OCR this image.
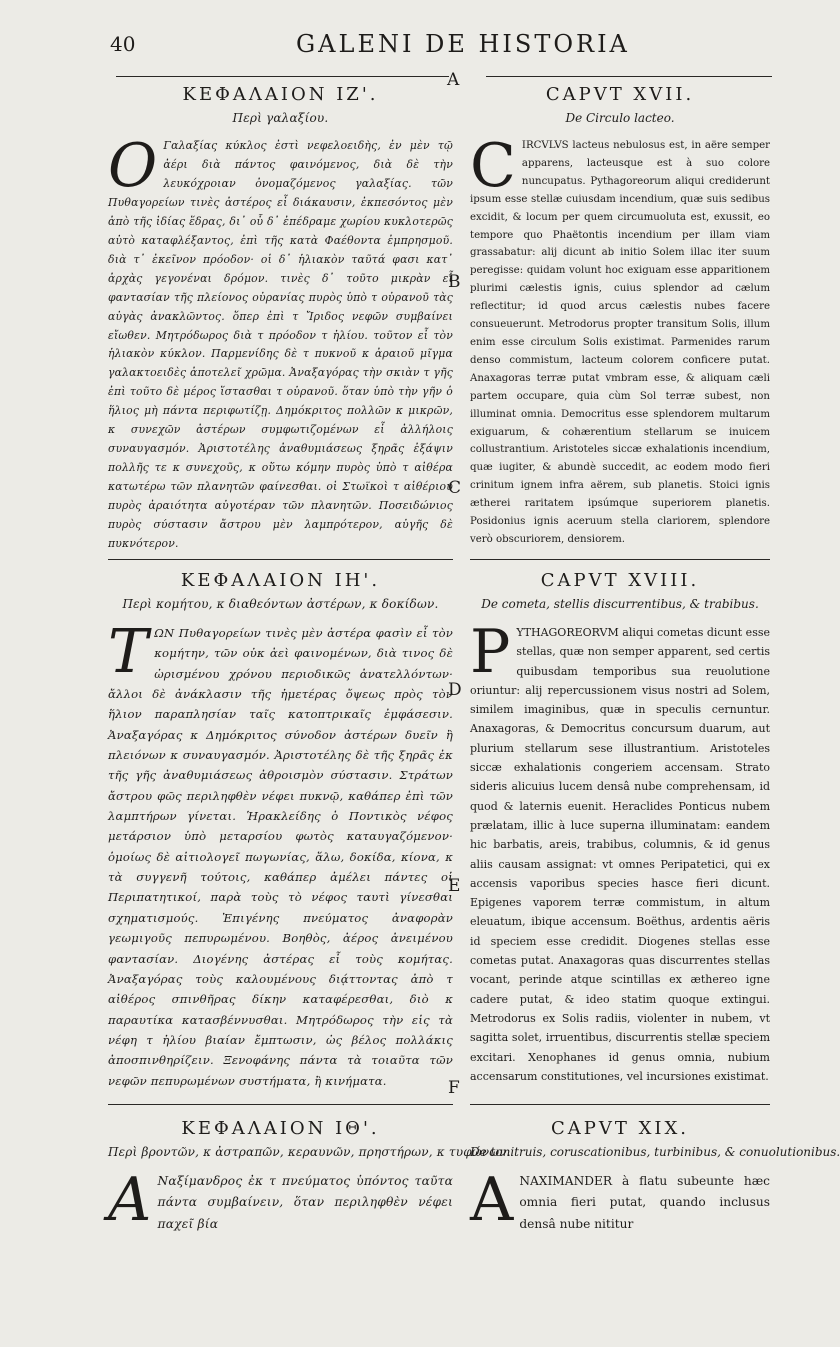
40	GALENI DE HISTORIA
A
B
C
D
E
F
ΚΕΦΑΛΑΙΟΝ ΙΖ'.
Περὶ γαλαξίου.
Ο Γαλαξίας κύκλος ἐστὶ νεφελοειδὴς, ἐν μὲν τῷ ἀέρι διὰ πάντος φαινόμενος, διὰ δὲ τὴν λευκόχροιαν ὀνομαζόμενος γαλαξίας. τῶν Πυθαγορείων τινὲς ἀστέρος εἶ διάκαυσιν, ἐκπεσόντος μὲν ἀπὸ τῆς ἰδίας ἕδρας, δι᾽ οὗ δ᾽ ἐπέδραμε χωρίου κυκλοτερῶς αὐτὸ καταφλέξαντος, ἐπὶ τῆς κατὰ Φαέθοντα ἐμπρησμοῦ. διὰ τ᾽ ἐκεῖνον πρόοδον· οἱ δ᾽ ἡλιακὸν ταῦτά φασι κατ᾽ ἀρχὰς γεγονέναι δρόμον. τινὲς δ᾽ τοῦτο μικρὰν εἶ φαντασίαν τῆς πλείονος οὐρανίας πυρὸς ὑπὸ τ οὐρανοῦ τὰς αὐγὰς ἀνακλῶντος. ὅπερ ἐπὶ τ Ἴριδος νεφῶν συμβαίνει εἴωθεν. Μητρόδωρος διὰ τ πρόοδον τ ἡλίου. τοῦτον εἶ τὸν ἡλιακὸν κύκλον. Παρμενίδης δὲ τ πυκνοῦ κ ἀραιοῦ μῖγμα γαλακτοειδὲς ἀποτελεῖ χρῶμα. Ἀναξαγόρας τὴν σκιὰν τ γῆς ἐπὶ τοῦτο δὲ μέρος ἵστασθαι τ οὐρανοῦ. ὅταν ὑπὸ τὴν γῆν ὁ ἥλιος μὴ πάντα περιφωτίζῃ. Δημόκριτος πολλῶν κ μικρῶν, κ συνεχῶν ἀστέρων συμφωτιζομένων εἶ ἀλλήλοις συναυγασμόν. Ἀριστοτέλης ἀναθυμιάσεως ξηρᾶς ἐξάψιν πολλῆς τε κ συνεχοῦς, κ οὕτω κόμην πυρὸς ὑπὸ τ αἰθέρα κατωτέρω τῶν πλανητῶν φαίνεσθαι. οἱ Στωϊκοὶ τ αἰθέριου πυρὸς ἀραιότητα αὐγοτέραν τῶν πλανητῶν. Ποσειδώνιος πυρὸς σύστασιν ἄστρου μὲν λαμπρότερον, αὐγῆς δὲ πυκνότερον.
ΚΕΦΑΛΑΙΟΝ ΙΗ'.
Περὶ κομήτου, κ διαθεόντων ἀστέρων, κ δοκίδων.
Τ ΩΝ Πυθαγορείων τινὲς μὲν ἀστέρα φασὶν εἶ τὸν κομήτην, τῶν οὐκ ἀεὶ φαινομένων, διὰ τινος δὲ ὡρισμένου χρόνου περιοδικῶς ἀνατελλόντων· ἄλλοι δὲ ἀνάκλασιν τῆς ἡμετέρας ὄψεως πρὸς τὸν ἥλιον παραπλησίαν ταῖς κατοπτρικαῖς ἐμφάσεσιν. Ἀναξαγόρας κ Δημόκριτος σύνοδον ἀστέρων δυεῖν ἢ πλειόνων κ συναυγασμόν. Ἀριστοτέλης δὲ τῆς ξηρᾶς ἐκ τῆς γῆς ἀναθυμιάσεως ἀθροισμὸν σύστασιν. Στράτων ἄστρου φῶς περιληφθὲν νέφει πυκνῷ, καθάπερ ἐπὶ τῶν λαμπτήρων γίνεται. Ἡρακλείδης ὁ Ποντικὸς νέφος μετάρσιον ὑπὸ μεταρσίου φωτὸς καταυγαζόμενον· ὁμοίως δὲ αἰτιολογεῖ πωγωνίας, ἅλω, δοκίδα, κίονα, κ τὰ συγγενῆ τούτοις, καθάπερ ἀμέλει πάντες οἱ Περιπατητικοί, παρὰ τοὺς τὸ νέφος ταυτὶ γίνεσθαι σχηματισμούς. Ἐπιγένης πνεύματος ἀναφορὰν γεωμιγοῦς πεπυρωμένου. Βοηθὸς, ἀέρος ἀνειμένου φαντασίαν. Διογένης ἀστέρας εἶ τοὺς κομήτας. Ἀναξαγόρας τοὺς καλουμένους διᾴττοντας ἀπὸ τ αἰθέρος σπινθῆρας δίκην καταφέρεσθαι, διὸ κ παραυτίκα κατασβέννυσθαι. Μητρόδωρος τὴν εἰς τὰ νέφη τ ἡλίου βιαίαν ἔμπτωσιν, ὡς βέλος πολλάκις ἀποσπινθηρίζειν. Ξενοφάνης πάντα τὰ τοιαῦτα τῶν νεφῶν πεπυρωμένων συστήματα, ἢ κινήματα.
ΚΕΦΑΛΑΙΟΝ ΙΘ'.
Περὶ βροντῶν, κ ἀστραπῶν, κεραυνῶν, πρηστήρων, κ τυφώνων.
Α Ναξίμανδρος ἐκ τ πνεύματος ὑπόντος ταῦτα πάντα συμβαίνειν, ὅταν περιληφθὲν νέφει παχεῖ βία
CAPVT XVII.
De Circulo lacteo.
C IRCVLVS lacteus nebulosus est, in aëre semper apparens, lacteusque est à suo colore nuncupatus. Pythagoreorum aliqui crediderunt ipsum esse stellæ cuiusdam incendium, quæ suis sedibus excidit, & locum per quem circumuoluta est, exussit, eo tempore quo Phaëtontis incendium per illam viam grassabatur: alij dicunt ab initio Solem illac iter suum peregisse: quidam volunt hoc exiguam esse apparitionem plurimi cælestis ignis, cuius splendor ad cælum reflectitur; id quod arcus cælestis nubes facere consueuerunt. Metrodorus propter transitum Solis, illum enim esse circulum Solis existimat. Parmenides rarum denso commistum, lacteum colorem conficere putat. Anaxagoras terræ putat vmbram esse, & aliquam cæli partem occupare, quia cùm Sol terræ subest, non illuminat omnia. Democritus esse splendorem multarum exiguarum, & cohærentium stellarum se inuicem collustrantium. Aristoteles siccæ exhalationis incendium, quæ iugiter, & abundè succedit, ac eodem modo fieri crinitum ignem infra aërem, sub planetis. Stoici ignis ætherei raritatem ipsúmque superiorem planetis. Posidonius ignis aceruum stella clariorem, splendore verò obscuriorem, densiorem.
CAPVT XVIII.
De cometa, stellis discurrentibus, & trabibus.
P YTHAGOREORVM aliqui cometas dicunt esse stellas, quæ non semper apparent, sed certis quibusdam temporibus sua reuolutione oriuntur: alij repercussionem visus nostri ad Solem, similem imaginibus, quæ in speculis cernuntur. Anaxagoras, & Democritus concursum duarum, aut plurium stellarum sese illustrantium. Aristoteles siccæ exhalationis congeriem accensam. Strato sideris alicuius lucem densâ nube comprehensam, id quod & laternis euenit. Heraclides Ponticus nubem prælatam, illic à luce superna illuminatam: eandem hic barbatis, areis, trabibus, columnis, & id genus aliis causam assignat: vt omnes Peripatetici, qui ex accensis vaporibus species hasce fieri dicunt. Epigenes vaporem terræ commistum, in altum eleuatum, ibique accensum. Boëthus, ardentis aëris id speciem esse credidit. Diogenes stellas esse cometas putat. Anaxagoras quas discurrentes stellas vocant, perinde atque scintillas ex æthereo igne cadere putat, & ideo statim quoque extingui. Metrodorus ex Solis radiis, violenter in nubem, vt sagitta solet, irruentibus, discurrentis stellæ speciem excitari. Xenophanes id genus omnia, nubium accensarum constitutiones, vel incursiones existimat.
CAPVT XIX.
De tonitruis, coruscationibus, turbinibus, & conuolutionibus.
A NAXIMANDER à flatu subeunte hæc omnia fieri putat, quando inclusus densâ nube nititur
